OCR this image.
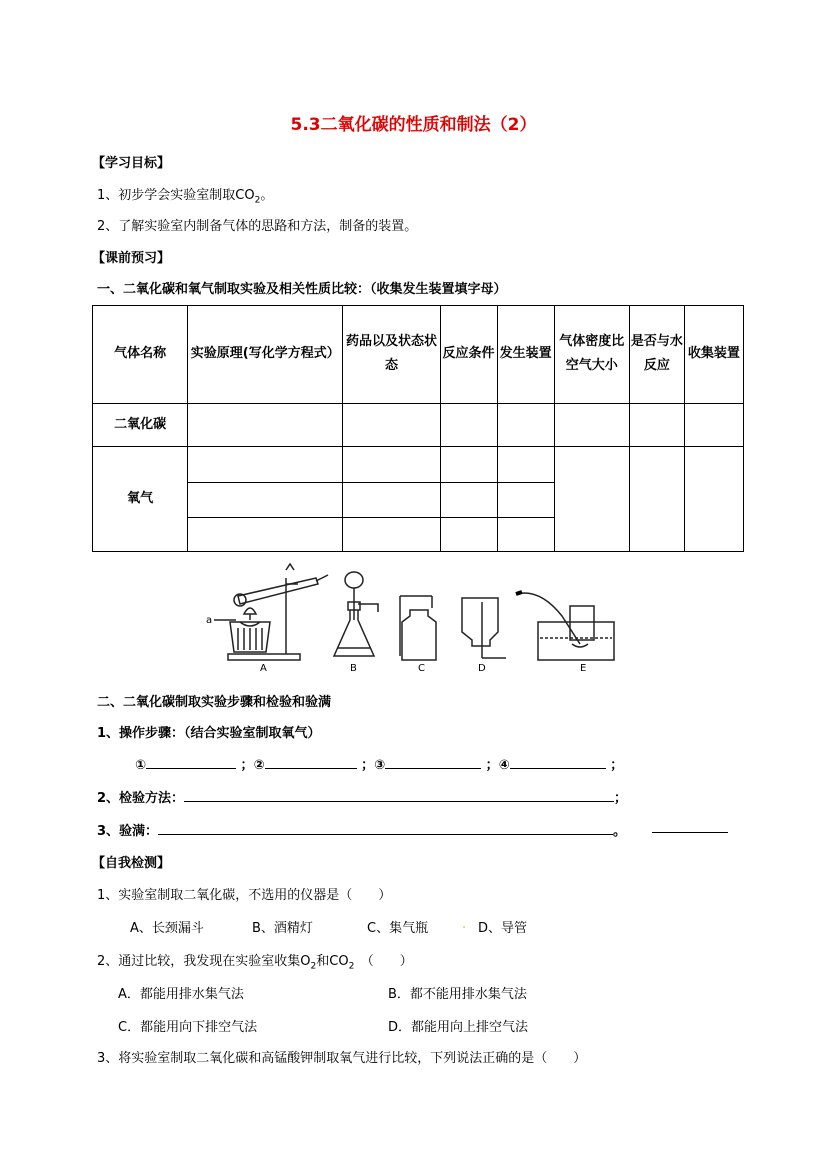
5.3二氧化碳的性质和制法（2）
【学习目标】
1、初步学会实验室制取$CO_2$。
2、了解实验室内制备气体的思路和方法，制备的装置。
【课前预习】
一、二氧化碳和氧气制取实验及相关性质比较：（收集发生装置填字母）
气体名称	实验原理(写化学方程式）	药品以及状态状态	反应条件	发生装置	气体密度比空气大小	是否与水反应	收集装置
二氧化碳							
氧气							

a
A	B	C	D	E
二、二氧化碳制取实验步骤和检验和验满
1、操作步骤：（结合实验室制取氧气）
①	；②	；③	；④	；
2、检验方法：	；
3、验满：	。
【自我检测】
1、实验室制取二氧化碳，不选用的仪器是（　　）
A、长颈漏斗	B、酒精灯	C、集气瓶	. D、导管
2、通过比较，我发现在实验室收集$O_2$和$CO_2$　（　　）
A．都能用排水集气法	B．都不能用排水集气法
C．都能用向下排空气法	D．都能用向上排空气法
3、将实验室制取二氧化碳和高锰酸钾制取氧气进行比较，下列说法正确的是（　　）
